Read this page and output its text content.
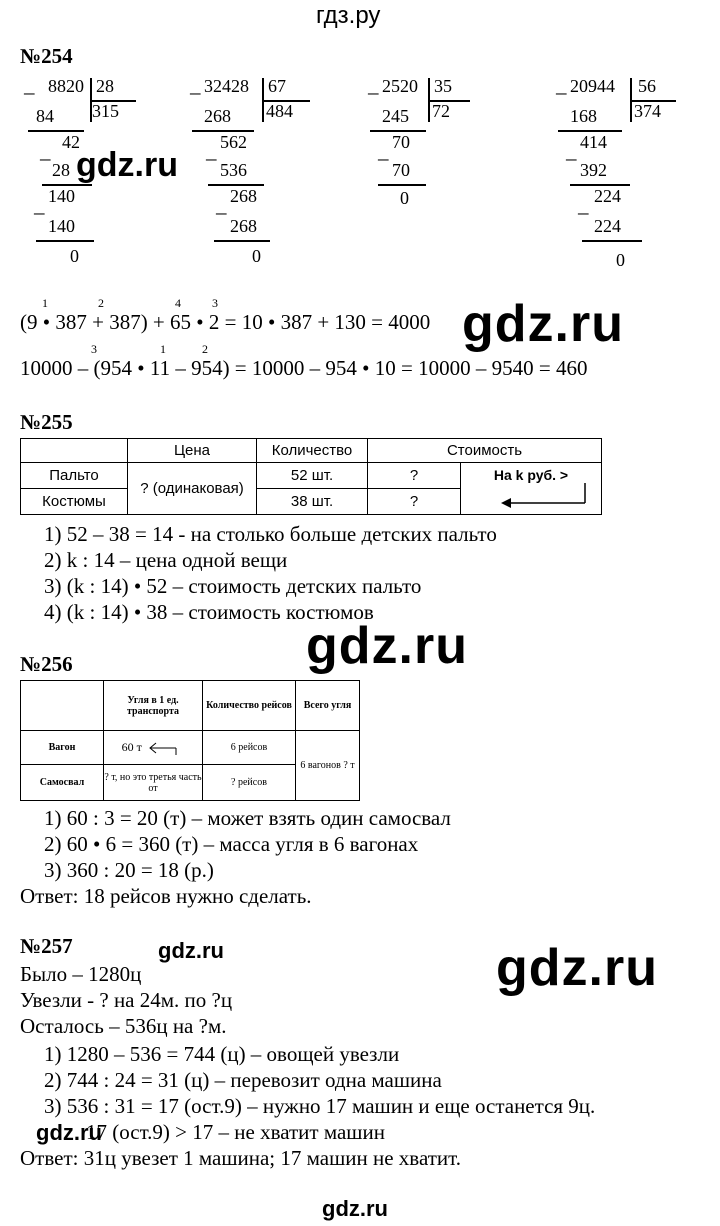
гдз.ру
№254
8820 28
315
–
84
42
– 28
140
–
140
0
32428 67
484
–
268
562
– 536
268
–
268
0
2520 35
72
–
245
70
– 70
0
20944 56
374
–
168
414
– 392
224
–
224
0
gdz.ru
1	2	4	3
(9 • 387 + 387) + 65 • 2 = 10 • 387 + 130 = 4000 gdz.ru
3	1	2
10000 – (954 • 11 – 954) = 10000 – 954 • 10 = 10000 – 9540 = 460
№255
	Цена	Количество	Стоимость	
Пальто	? (одинаковая)	52 шт.	?	На k руб. >

Костюмы		38 шт.	?	
1) 52 – 38 = 14 - на столько больше детских пальто
2) k : 14 – цена одной вещи
3) (k : 14) • 52 – стоимость детских пальто
4) (k : 14) • 38 – стоимость костюмов
gdz.ru
№256
	Угля в 1 ед. транспорта	Количество рейсов	Всего угля
Вагон	60 т	6 рейсов	6 вагонов ? т
Самосвал	? т, но это третья часть от	? рейсов	
1) 60 : 3 = 20 (т) – может взять один самосвал
2) 60 • 6 = 360 (т) – масса угля в 6 вагонах
3) 360 : 20 = 18 (р.)
Ответ: 18 рейсов нужно сделать.
№257	gdz.ru	gdz.ru
Было – 1280ц
Увезли - ? на 24м. по ?ц
Осталось – 536ц на ?м.
1) 1280 – 536 = 744 (ц) – овощей увезли
2) 744 : 24 = 31 (ц) – перевозит одна машина
3) 536 : 31 = 17 (ост.9) – нужно 17 машин и еще останется 9ц.
17 (ост.9) > 17 – не хватит машин
gdz.ru
Ответ: 31ц увезет 1 машина; 17 машин не хватит.
gdz.ru
